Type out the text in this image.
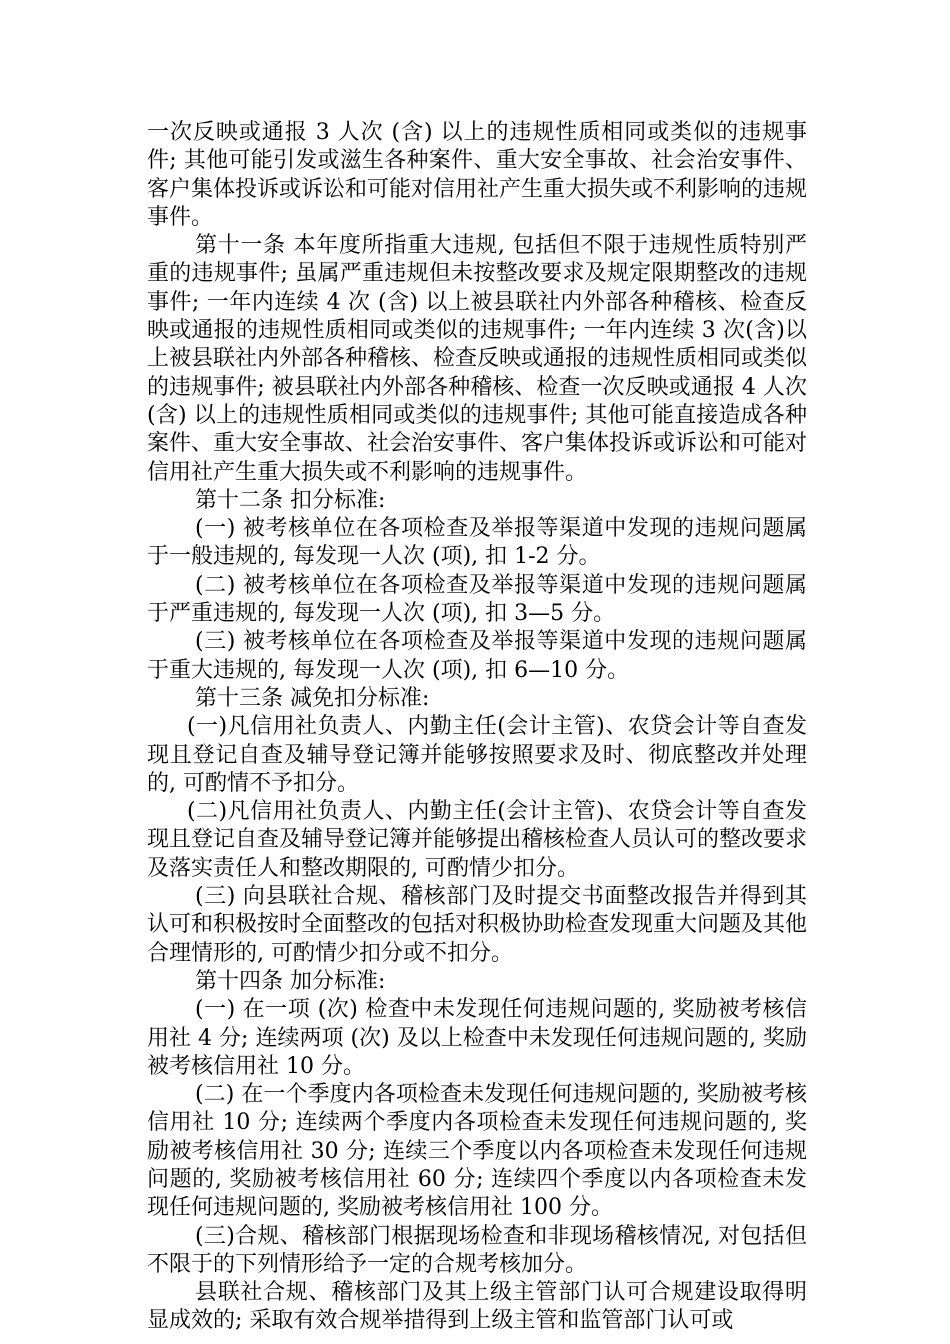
一次反映或通报 3 人次 (含) 以上的违规性质相同或类似的违规事件; 其他可能引发或滋生各种案件、重大安全事故、社会治安事件、客户集体投诉或诉讼和可能对信用社产生重大损失或不利影响的违规事件。

第十一条 本年度所指重大违规, 包括但不限于违规性质特别严重的违规事件; 虽属严重违规但未按整改要求及规定限期整改的违规事件; 一年内连续 4 次 (含) 以上被县联社内外部各种稽核、检查反映或通报的违规性质相同或类似的违规事件; 一年内连续 3 次(含)以上被县联社内外部各种稽核、检查反映或通报的违规性质相同或类似的违规事件; 被县联社内外部各种稽核、检查一次反映或通报 4 人次 (含) 以上的违规性质相同或类似的违规事件; 其他可能直接造成各种案件、重大安全事故、社会治安事件、客户集体投诉或诉讼和可能对信用社产生重大损失或不利影响的违规事件。

第十二条 扣分标准:

(一) 被考核单位在各项检查及举报等渠道中发现的违规问题属于一般违规的, 每发现一人次 (项), 扣 1-2 分。

(二) 被考核单位在各项检查及举报等渠道中发现的违规问题属于严重违规的, 每发现一人次 (项), 扣 3—5 分。

(三) 被考核单位在各项检查及举报等渠道中发现的违规问题属于重大违规的, 每发现一人次 (项), 扣 6—10 分。

第十三条 减免扣分标准:

(一)凡信用社负责人、内勤主任(会计主管)、农贷会计等自查发现且登记自查及辅导登记簿并能够按照要求及时、彻底整改并处理的, 可酌情不予扣分。

(二)凡信用社负责人、内勤主任(会计主管)、农贷会计等自查发现且登记自查及辅导登记簿并能够提出稽核检查人员认可的整改要求及落实责任人和整改期限的, 可酌情少扣分。

(三) 向县联社合规、稽核部门及时提交书面整改报告并得到其认可和积极按时全面整改的包括对积极协助检查发现重大问题及其他合理情形的, 可酌情少扣分或不扣分。

第十四条 加分标准:

(一) 在一项 (次) 检查中未发现任何违规问题的, 奖励被考核信用社 4 分; 连续两项 (次) 及以上检查中未发现任何违规问题的, 奖励被考核信用社 10 分。

(二) 在一个季度内各项检查未发现任何违规问题的, 奖励被考核信用社 10 分; 连续两个季度内各项检查未发现任何违规问题的, 奖励被考核信用社 30 分; 连续三个季度以内各项检查未发现任何违规问题的, 奖励被考核信用社 60 分; 连续四个季度以内各项检查未发现任何违规问题的, 奖励被考核信用社 100 分。

(三)合规、稽核部门根据现场检查和非现场稽核情况, 对包括但不限于的下列情形给予一定的合规考核加分。

县联社合规、稽核部门及其上级主管部门认可合规建设取得明显成效的; 采取有效合规举措得到上级主管和监管部门认可或
